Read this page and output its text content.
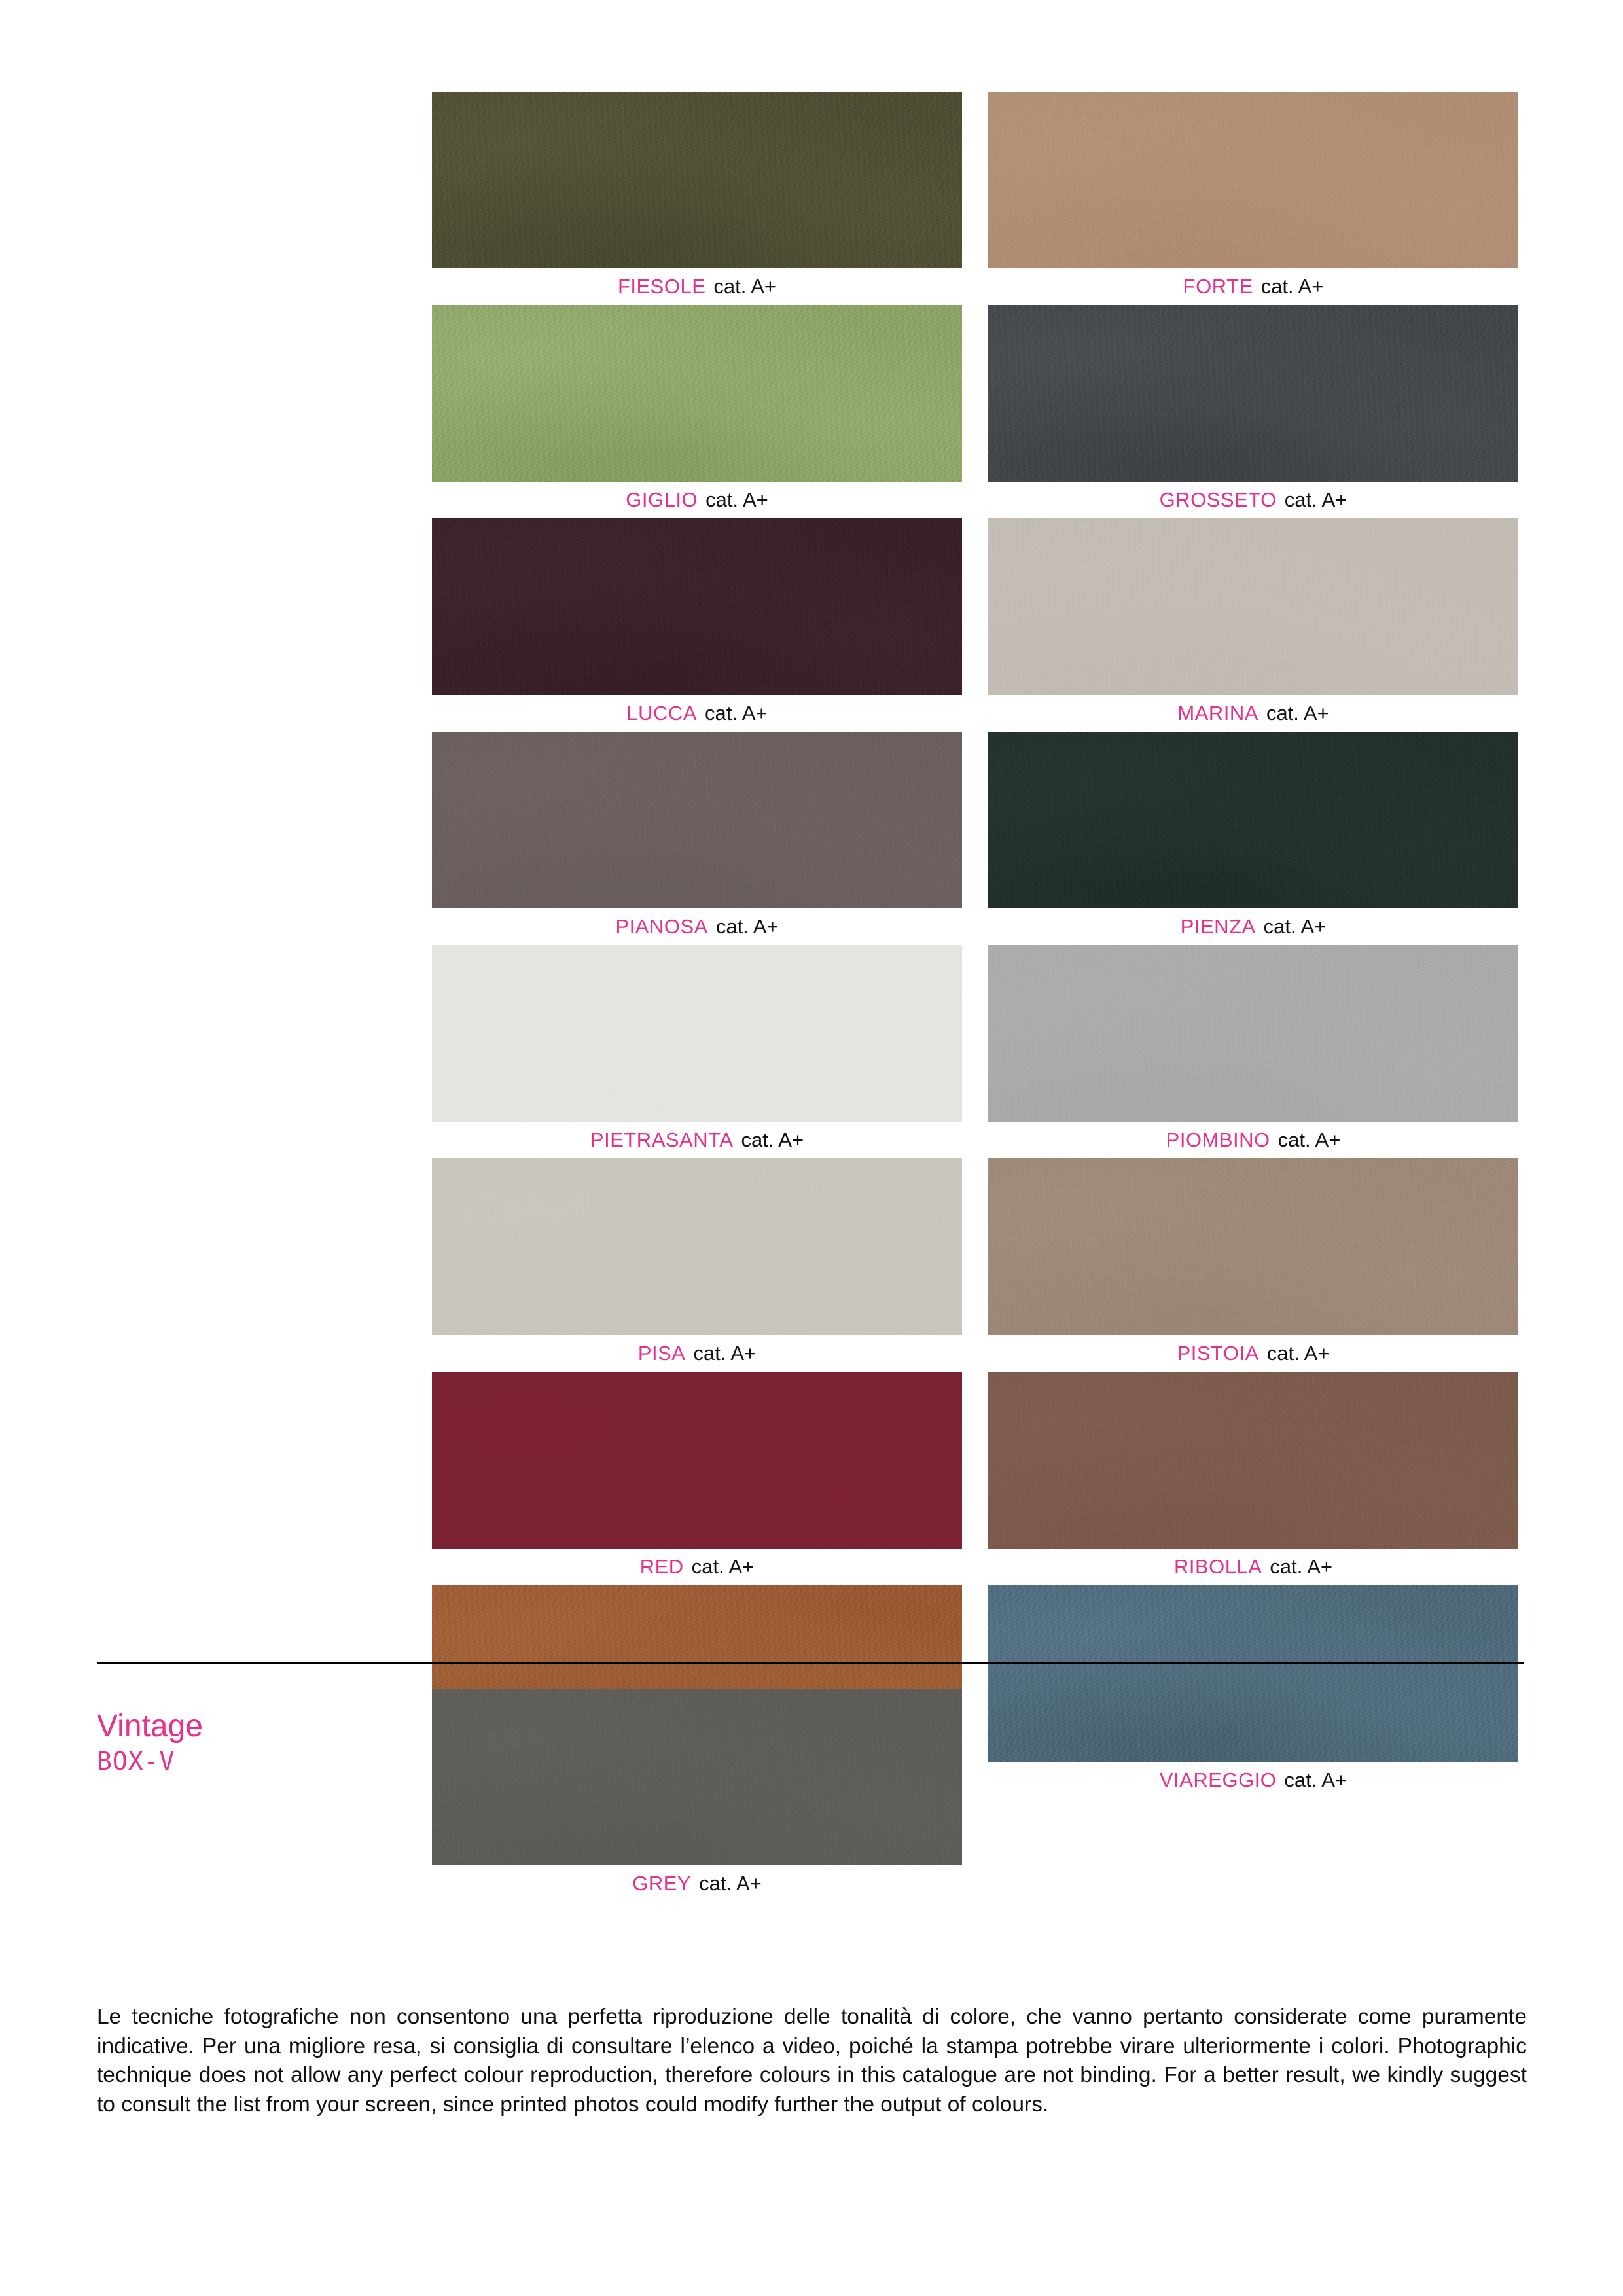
FIESOLE cat. A+	FORTE cat. A+
GIGLIO cat. A+	GROSSETO cat. A+
LUCCA cat. A+	MARINA cat. A+
PIANOSA cat. A+	PIENZA cat. A+
PIETRASANTA cat. A+	PIOMBINO cat. A+
PISA cat. A+	PISTOIA cat. A+
RED cat. A+	RIBOLLA cat. A+
VIAREGGIO cat. A+
Vintage
BOX-V
GREY cat. A+

Le tecniche fotografiche non consentono una perfetta riproduzione delle tonalità di colore, che vanno pertanto considerate come puramente indicative. Per una migliore resa, si consiglia di consultare l’elenco a video, poiché la stampa potrebbe virare ulteriormente i colori. Photographic technique does not allow any perfect colour reproduction, therefore colours in this catalogue are not binding. For a better result, we kindly suggest to consult the list from your screen, since printed photos could modify further the output of colours.
